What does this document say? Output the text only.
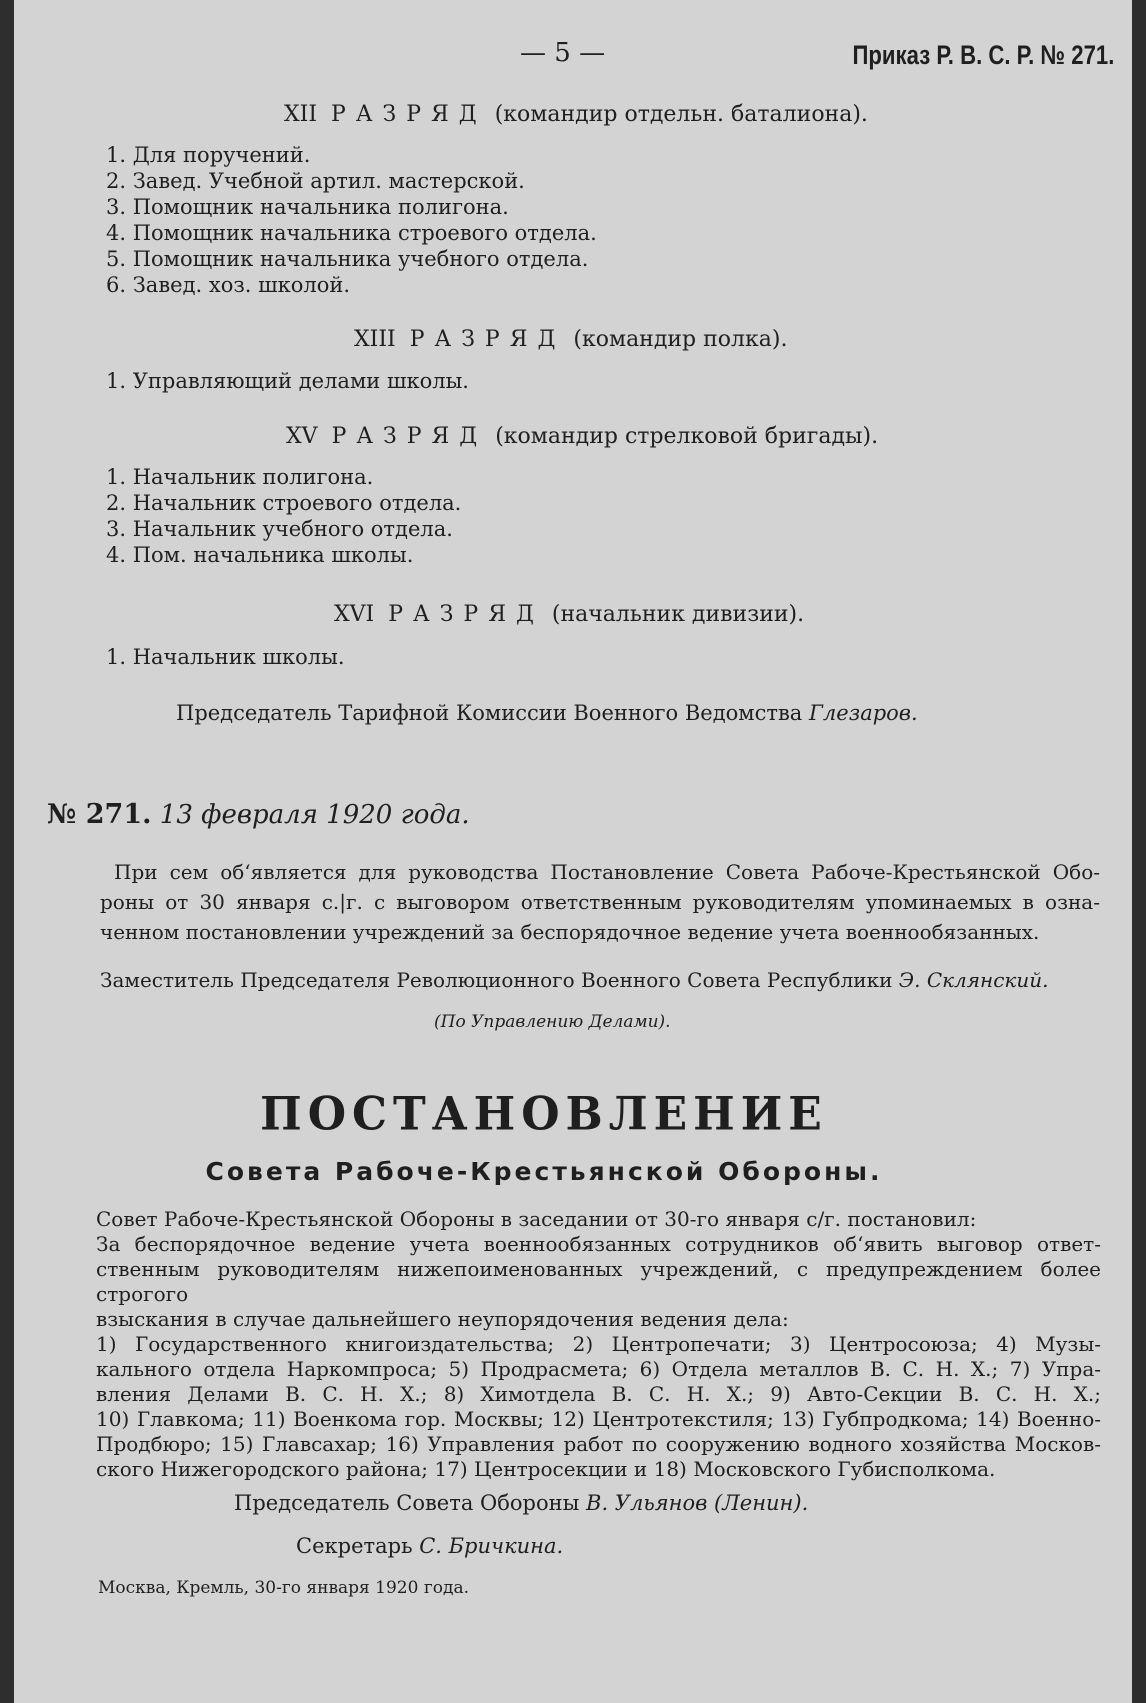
— 5 —	Приказ Р. В. С. Р. № 271.
XII РАЗРЯД (командир отдельн. баталиона).
1. Для поручений.
2. Завед. Учебной артил. мастерской.
3. Помощник начальника полигона.
4. Помощник начальника строевого отдела.
5. Помощник начальника учебного отдела.
6. Завед. хоз. школой.
XIII РАЗРЯД (командир полка).
1. Управляющий делами школы.
XV РАЗРЯД (командир стрелковой бригады).
1. Начальник полигона.
2. Начальник строевого отдела.
3. Начальник учебного отдела.
4. Пом. начальника школы.
XVI РАЗРЯД (начальник дивизии).
1. Начальник школы.
Председатель Тарифной Комиссии Военного Ведомства Глезаров.
№ 271. 13 февраля 1920 года.
При сем об‘является для руководства Постановление Совета Рабоче-Крестьянской Обо-
роны от 30 января с.|г. с выговором ответственным руководителям упоминаемых в озна-
ченном постановлении учреждений за беспорядочное ведение учета военнообязанных.
Заместитель Председателя Революционного Военного Совета Республики Э. Склянский.
(По Управлению Делами).
ПОСТАНОВЛЕНИЕ
Совета Рабоче-Крестьянской Обороны.
Совет Рабоче-Крестьянской Обороны в заседании от 30-го января с/г. постановил:
За беспорядочное ведение учета военнообязанных сотрудников об‘явить выговор ответ-
ственным руководителям нижепоименованных учреждений, с предупреждением более строгого
взыскания в случае дальнейшего неупорядочения ведения дела:
1) Государственного книгоиздательства; 2) Центропечати; 3) Центросоюза; 4) Музы-
кального отдела Наркомпроса; 5) Продрасмета; 6) Отдела металлов В. С. Н. Х.; 7) Упра-
вления Делами В. С. Н. Х.; 8) Химотдела В. С. Н. Х.; 9) Авто-Секции В. С. Н. Х.;
10) Главкома; 11) Военкома гор. Москвы; 12) Центротекстиля; 13) Губпродкома; 14) Военно-
Продбюро; 15) Главсахар; 16) Управления работ по сооружению водного хозяйства Москов-
ского Нижегородского района; 17) Центросекции и 18) Московского Губисполкома.
Председатель Совета Обороны В. Ульянов (Ленин).
Секретарь С. Бричкина.
Москва, Кремль, 30-го января 1920 года.
